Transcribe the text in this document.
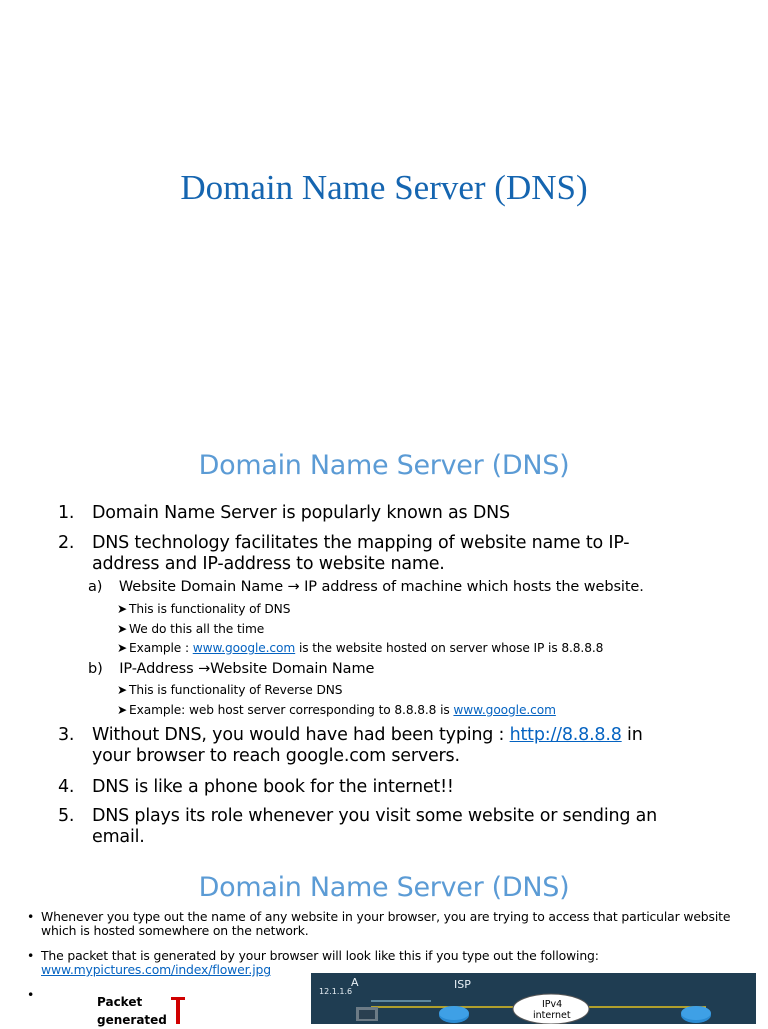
Domain Name Server (DNS)
Domain Name Server (DNS)
1. Domain Name Server is popularly known as DNS
2. DNS technology facilitates the mapping of website name to IP-address and IP-address to website name.
a) Website Domain Name → IP address of machine which hosts the website.
➤ This is functionality of DNS
➤ We do this all the time
➤ Example : www.google.com is the website hosted on server whose IP is 8.8.8.8
b) IP-Address →Website Domain Name
➤ This is functionality of Reverse DNS
➤ Example: web host server corresponding to 8.8.8.8 is www.google.com
3. Without DNS, you would have had been typing : http://8.8.8.8 in your browser to reach google.com servers.
4. DNS is like a phone book for the internet!!
5. DNS plays its role whenever you visit some website or sending an email.
Domain Name Server (DNS)
• Whenever you type out the name of any website in your browser, you are trying to access that particular website which is hosted somewhere on the network.
• The packet that is generated by your browser will look like this if you type out the following:
www.mypictures.com/index/flower.jpg
•	Packet
generated
12.1.1.6
A	ISP
IPv4
internet
